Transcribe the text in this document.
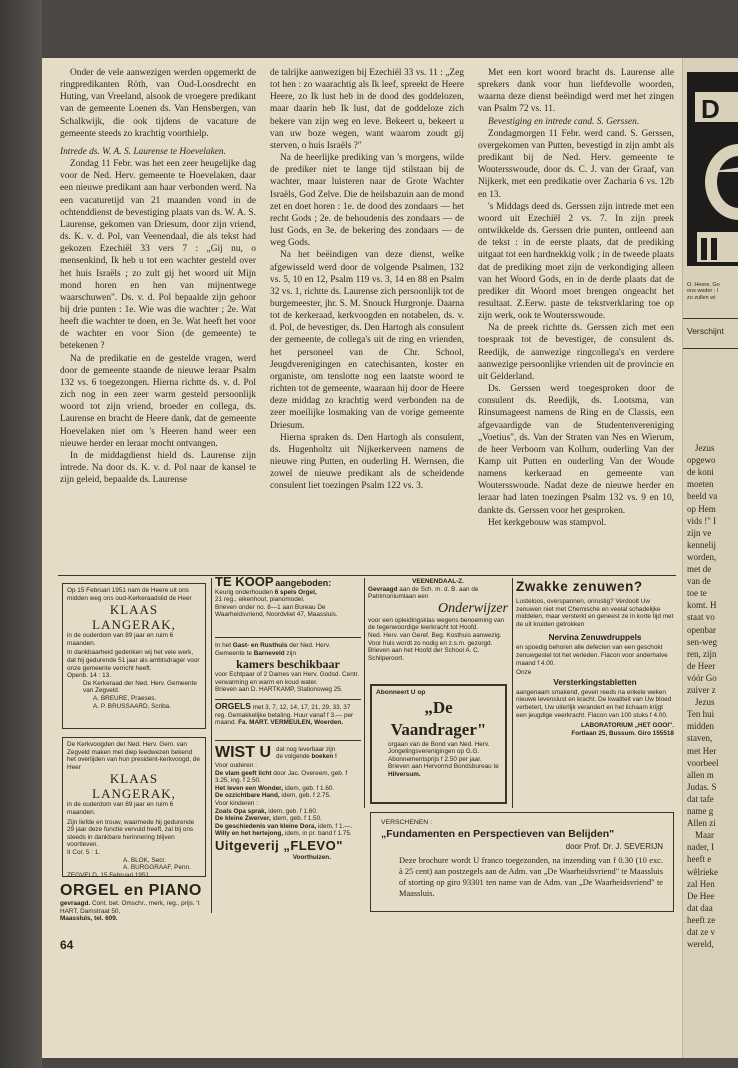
Onder de vele aanwezigen werden opgemerkt de ringpredikanten Röth, van Oud-Loosdrecht en Huting, van Vreeland, alsook de vroegere predikant van de gemeente Loenen ds. Van Hensbergen, van Schalkwijk, die ook tijdens de vacature de gemeente steeds zo krachtig voorthielp.

Intrede ds. W. A. S. Laurense te Hoevelaken.

Zondag 11 Febr. was het een zeer heugelijke dag voor de Ned. Herv. gemeente te Hoevelaken, daar een nieuwe predikant aan haar verbonden werd. Na een vacaturetijd van 21 maanden vond in de ochtenddienst de bevestiging plaats van ds. W. A. S. Laurense, gekomen van Driesum, door zijn vriend, ds. K. v. d. Pol, van Veenendaal, die als tekst had gekozen Ezechiël 33 vers 7 : „Gij nu, o mensenkind, Ik heb u tot een wachter gesteld over het huis Israëls ; zo zult gij het woord uit Mijn mond horen en hen van mijnentwege waarschuwen". Ds. v. d. Pol bepaalde zijn gehoor bij drie punten : 1e. Wie was die wachter ; 2e. Wat heeft die wachter te doen, en 3e. Wat heeft het voor de wachter en voor Sion (de gemeente) te betekenen ?

Na de predikatie en de gestelde vragen, werd door de gemeente staande de nieuwe leraar Psalm 132 vs. 6 toegezongen. Hierna richtte ds. v. d. Pol zich nog in een zeer warm gesteld persoonlijk woord tot zijn vriend, broeder en collega, ds. Laurense en bracht de Heere dank, dat de gemeente Hoevelaken niet om 's Heeren hand weer een nieuwe herder en leraar mocht ontvangen.

In de middagdienst hield ds. Laurense zijn intrede. Na door ds. K. v. d. Pol naar de kansel te zijn geleid, bepaalde ds. Laurense

de talrijke aanwezigen bij Ezechiël 33 vs. 11 : „Zeg tot hen : zo waarachtig als Ik leef, spreekt de Heere Heere, zo Ik lust heb in de dood des goddelozen, maar daarin heb Ik lust, dat de goddeloze zich bekere van zijn weg en leve. Bekeert u, bekeert u van uw boze wegen, want waarom zoudt gij sterven, o huis Israëls ?"

Na de heerlijke prediking van 's morgens, wilde de prediker niet te lange tijd stilstaan bij de wachter, maar luisteren naar de Grote Wachter Israëls, God Zelve. Die de heilsbazuin aan de mond zet en doet horen : 1e. de dood des zondaars — het recht Gods ; 2e. de behoudenis des zondaars — de lust Gods, en 3e. de bekering des zondaars — de weg Gods.

Na het beëindigen van deze dienst, welke afgewisseld werd door de volgende Psalmen, 132 vs. 5, 10 en 12, Psalm 119 vs. 3, 14 en 88 en Psalm 32 vs. 1, richtte ds. Laurense zich persoonlijk tot de burgemeester, jhr. S. M. Snouck Hurgronje. Daarna tot de kerkeraad, kerkvoogden en notabelen, ds. v. d. Pol, de bevestiger, ds. Den Hartogh als consulent der gemeente, de collega's uit de ring en vrienden, het personeel van de Chr. School, Jeugdverenigingen en catechisanten, koster en organiste, om tenslotte nog een laatste woord te richten tot de gemeente, waaraan hij door de Heere deze middag zo krachtig werd verbonden na de zeer moeilijke losmaking van de vorige gemeente Driesum.

Hierna spraken ds. Den Hartogh als consulent, ds. Hugenholtz uit Nijkerkerveen namens de nieuwe ring Putten, en ouderling H. Wernsen, die zowel de nieuwe predikant als de scheidende consulent liet toezingen Psalm 122 vs. 3.

Met een kort woord bracht ds. Laurense alle sprekers dank voor hun liefdevolle woorden, waarna deze dienst beëindigd werd met het zingen van Psalm 72 vs. 11.

Bevestiging en intrede cand. S. Gerssen.

Zondagmorgen 11 Febr. werd cand. S. Gerssen, overgekomen van Putten, bevestigd in zijn ambt als predikant bij de Ned. Herv. gemeente te Woutersswoude, door ds. C. J. van der Graaf, van Nijkerk, met een predikatie over Zacharia 6 vs. 12b en 13.

's Middags deed ds. Gerssen zijn intrede met een woord uit Ezechiël 2 vs. 7. In zijn preek ontwikkelde ds. Gerssen drie punten, ontleend aan de tekst : in de eerste plaats, dat de prediking uitgaat tot een hardnekkig volk ; in de tweede plaats dat de prediking moet zijn de verkondiging alleen van het Woord Gods, en in de derde plaats dat de prediker dit Woord moet brengen ongeacht het resultaat. Z.Eerw. paste de tekstverklaring toe op zijn werk, ook te Woutersswoude.

Na de preek richtte ds. Gerssen zich met een toespraak tot de bevestiger, de consulent ds. Reedijk, de aanwezige ringcollega's en verdere aanwezige persoonlijke vrienden uit de provincie en uit Gelderland.

Ds. Gerssen werd toegesproken door de consulent ds. Reedijk, ds. Lootsma, van Rinsumageest namens de Ring en de Classis, een afgevaardigde van de Studentenvereniging „Voetius", ds. Van der Straten van Nes en Wierum, de heer Verboom van Kollum, ouderling Van der Kamp uit Putten en ouderling Van der Woude namens kerkeraad en gemeente van Woutersswoude. Nadat deze de nieuwe herder en leraar had laten toezingen Psalm 132 vs. 9 en 10, dankte ds. Gerssen voor het gesproken.

Het kerkgebouw was stampvol.

Op 15 Februari 1951 nam de Heere uit ons midden weg ons oud-Kerkeraadslid de Heer
KLAAS LANGERAK,
in de ouderdom van 89 jaar en ruim 6 maanden.
In dankbaarheid gedenken wij het vele werk, dat hij gedurende 51 jaar als ambtsdrager voor onze gemeente verricht heeft.
Openb. 14 : 13.
De Kerkeraad der Ned. Herv. Gemeente van Zegveld.
A. BREURE, Praeses.
A. P. BRUSSAARD, Scriba.
De Kerkvoogden der Ned. Herv. Gem. van Zegveld maken met diep leedwezen bekend het overlijden van hun president-kerkvoogd, de Heer
KLAAS LANGERAK,
in de ouderdom van 89 jaar en ruim 6 maanden.
Zijn liefde en trouw, waarmede hij gedurende 29 jaar deze functie vervuld heeft, zal bij ons steeds in dankbare herinnering blijven voortleven.
II Cor. 5 : 1.
A. BLOK, Secr.
A. BURGGRAAF, Penn.
ZEGVELD, 15 Februari 1951.
ORGEL en PIANO
gevraagd. Cont. bet. Omschr., merk, reg., prijs. 't HART, Damstraat 50,
Maassluis, tel. 609.
64
TE KOOP aangeboden:
Keurig onderhouden 6 spels Orgel,
21 reg., eikenhout, pianomodel.
Brieven onder no. 8—1 aan Bureau De Waarheidsvriend, Noordvliet 47, Maassluis.
In het Gast- en Rusthuis der Ned. Herv. Gemeente te Barneveld zijn
kamers beschikbaar
voor Echtpaar of 2 Dames van Herv. Godsd. Centr. verwarming en warm en koud water.
Brieven aan D. HARTKAMP, Stationsweg 25.
ORGELS met 3, 7, 12, 14, 17, 21, 29, 33, 37 reg. Gemakkelijke betaling. Huur vanaf f 3.— per maand. Fa. MART. VERMEULEN, Woerden.
WIST U dat nog leverbaar zijn
de volgende boeken !
Voor ouderen :
De vlam geeft licht door Jac. Overeem, geb. f 3.25, ing. f 2.50.
Het leven een Wonder, idem, geb. f 1.60.
De ozzichtbare Hand, idem, geb. f 2.75.
Voor kinderen :
Zoals Opa sprak, idem, geb. f 1.60.
De kleine Zwerver, idem, geb. f 1.50.
De geschiedenis van kleine Dora, idem, f 1.—.
Willy en het hertejong, idem, in pr. band f 1.75.
Uitgeverij „FLEVO"
Voorthuizen.
VEENENDAAL-Z.
Gevraagd aan de Sch. m. d. B. aan de Patrimoniumlaan een
Onderwijzer
voor een opleidingsklas wegens benoeming van de tegenwoordige leerkracht tot Hoofd.
Ned. Herv. van Geref. Beg. Kosthuis aanwezig. Voor huis wordt zo nodig en z.s.m. gezorgd. Brieven aan het Hoofd der School A. C. Schilperoort.
Abonneert U op
„De Vaandrager"
orgaan van de Bond van Ned. Herv. Jongelingsverenigingen op G.G.
Abonnementsprijs f 2.50 per jaar.
Brieven aan Hervormd Bondsbureau te Hilversum.
Zwakke zenuwen?
Lusteloos, overspannen, onrustig? Verdoolt Uw zenuwen niet met Chemische en veelal schadelijke middelen, maar versterkt en geneest ze in korte tijd met de uit kruiden getrokken
Nervina Zenuwdruppels
en spoedig behoren alle defecten van een geschokt zenuwgestel tot het verleden. Flacon voor anderhalve maand f 4.00.
Onze
Versterkingstabletten
aangenaam smakend, geven reeds na enkele weken nieuwe levenslust en kracht. De kwaliteit van Uw bloed verbetert, Uw uiterlijk verandert en het lichaam krijgt een jeugdige veerkracht. Flacon van 100 stuks f 4.00.
LABORATORIUM „HET GOOI".
Fortlaan 25, Bussum. Giro 155518
VERSCHENEN :
„Fundamenten en Perspectieven van Belijden"
door Prof. Dr. J. SEVERIJN
Deze brochure wordt U franco toegezonden, na inzending van f 0.30 (10 exc. à 25 cent) aan postzegels aan de Adm. van „De Waarheidsvriend" te Maassluis of storting op giro 93301 ten name van de Adm. van „De Waarheidsvriend" te Maassluis.
D
O. Heere, Go
ons weder ; l
zo zullen wi
Verschijnt
Jezus
opgewo
de koni
moeten
beeld va
op Hem
vids !" I
zijn ve
kennelij
worden,
met de
van de
toe te
komt. H
staat vo
openbar
sen-weg
ren, zijn
de Heer
vóór Go
zuiver z
Jezus
Ten hui
midden
staven,
met Her
voorbeel
allen m
Judas. S
dat tafe
name g
Allen zi
Maar
nader, I
heeft e
wêlrieke
zal Hen
De Hee
dat daa
heeft ze
dat ze v
wereld,
